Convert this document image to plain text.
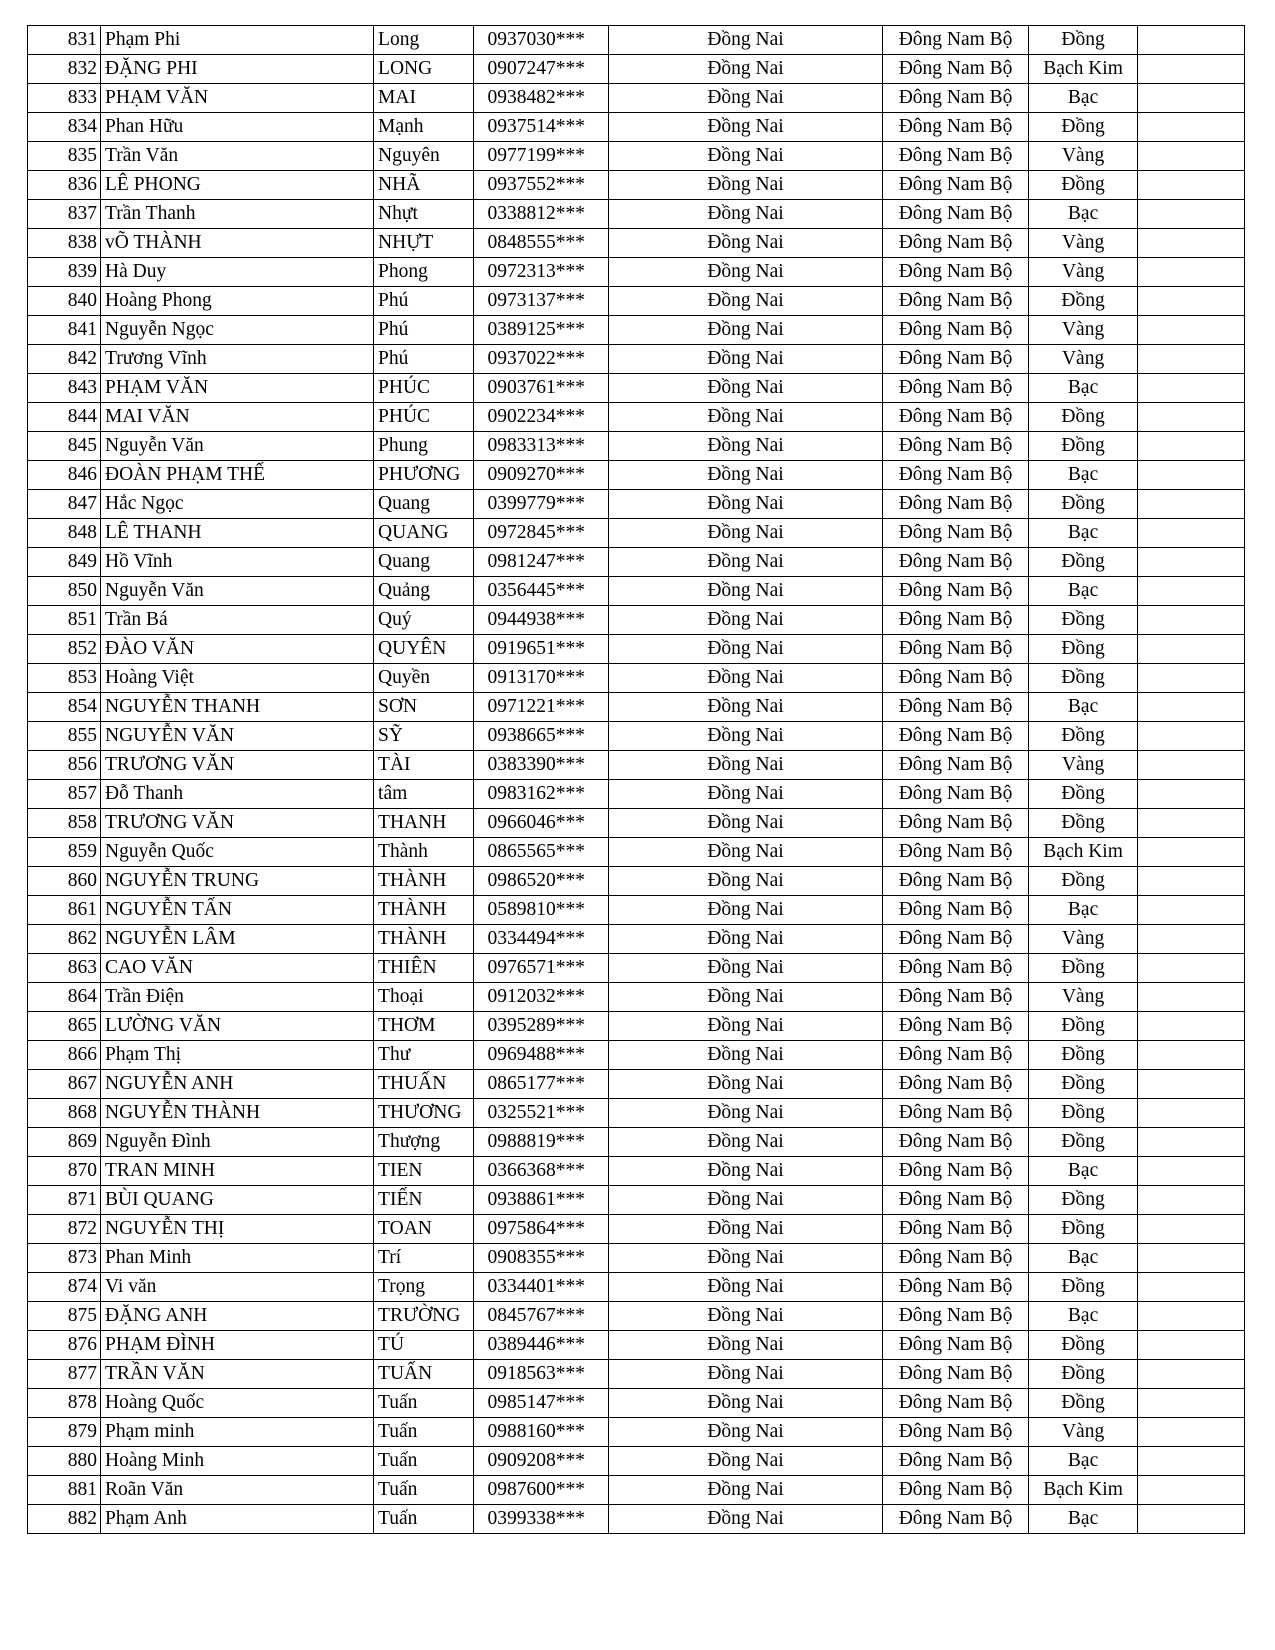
831	Phạm Phi	Long	0937030***	Đồng Nai	Đông Nam Bộ	Đồng	
832	ĐẶNG PHI	LONG	0907247***	Đồng Nai	Đông Nam Bộ	Bạch Kim	
833	PHẠM VĂN	MAI	0938482***	Đồng Nai	Đông Nam Bộ	Bạc	
834	Phan Hữu	Mạnh	0937514***	Đồng Nai	Đông Nam Bộ	Đồng	
835	Trần Văn	Nguyên	0977199***	Đồng Nai	Đông Nam Bộ	Vàng	
836	LÊ PHONG	NHÃ	0937552***	Đồng Nai	Đông Nam Bộ	Đồng	
837	Trần Thanh	Nhựt	0338812***	Đồng Nai	Đông Nam Bộ	Bạc	
838	vÕ THÀNH	NHỰT	0848555***	Đồng Nai	Đông Nam Bộ	Vàng	
839	Hà Duy	Phong	0972313***	Đồng Nai	Đông Nam Bộ	Vàng	
840	Hoàng Phong	Phú	0973137***	Đồng Nai	Đông Nam Bộ	Đồng	
841	Nguyễn Ngọc	Phú	0389125***	Đồng Nai	Đông Nam Bộ	Vàng	
842	Trương Vĩnh	Phú	0937022***	Đồng Nai	Đông Nam Bộ	Vàng	
843	PHẠM VĂN	PHÚC	0903761***	Đồng Nai	Đông Nam Bộ	Bạc	
844	MAI VĂN	PHÚC	0902234***	Đồng Nai	Đông Nam Bộ	Đồng	
845	Nguyễn Văn	Phung	0983313***	Đồng Nai	Đông Nam Bộ	Đồng	
846	ĐOÀN PHẠM THẾ	PHƯƠNG	0909270***	Đồng Nai	Đông Nam Bộ	Bạc	
847	Hắc Ngọc	Quang	0399779***	Đồng Nai	Đông Nam Bộ	Đồng	
848	LÊ THANH	QUANG	0972845***	Đồng Nai	Đông Nam Bộ	Bạc	
849	Hồ Vĩnh	Quang	0981247***	Đồng Nai	Đông Nam Bộ	Đồng	
850	Nguyễn Văn	Quảng	0356445***	Đồng Nai	Đông Nam Bộ	Bạc	
851	Trần Bá	Quý	0944938***	Đồng Nai	Đông Nam Bộ	Đồng	
852	ĐÀO VĂN	QUYÊN	0919651***	Đồng Nai	Đông Nam Bộ	Đồng	
853	Hoàng Việt	Quyền	0913170***	Đồng Nai	Đông Nam Bộ	Đồng	
854	NGUYỄN THANH	SƠN	0971221***	Đồng Nai	Đông Nam Bộ	Bạc	
855	NGUYỄN VĂN	SỸ	0938665***	Đồng Nai	Đông Nam Bộ	Đồng	
856	TRƯƠNG VĂN	TÀI	0383390***	Đồng Nai	Đông Nam Bộ	Vàng	
857	Đỗ Thanh	tâm	0983162***	Đồng Nai	Đông Nam Bộ	Đồng	
858	TRƯƠNG VĂN	THANH	0966046***	Đồng Nai	Đông Nam Bộ	Đồng	
859	Nguyễn Quốc	Thành	0865565***	Đồng Nai	Đông Nam Bộ	Bạch Kim	
860	NGUYỄN TRUNG	THÀNH	0986520***	Đồng Nai	Đông Nam Bộ	Đồng	
861	NGUYỄN TẤN	THÀNH	0589810***	Đồng Nai	Đông Nam Bộ	Bạc	
862	NGUYỄN LÂM	THÀNH	0334494***	Đồng Nai	Đông Nam Bộ	Vàng	
863	CAO VĂN	THIÊN	0976571***	Đồng Nai	Đông Nam Bộ	Đồng	
864	Trần Điện	Thoại	0912032***	Đồng Nai	Đông Nam Bộ	Vàng	
865	LƯỜNG VĂN	THƠM	0395289***	Đồng Nai	Đông Nam Bộ	Đồng	
866	Phạm Thị	Thư	0969488***	Đồng Nai	Đông Nam Bộ	Đồng	
867	NGUYỄN ANH	THUẤN	0865177***	Đồng Nai	Đông Nam Bộ	Đồng	
868	NGUYỄN THÀNH	THƯƠNG	0325521***	Đồng Nai	Đông Nam Bộ	Đồng	
869	Nguyễn Đình	Thượng	0988819***	Đồng Nai	Đông Nam Bộ	Đồng	
870	TRAN MINH	TIEN	0366368***	Đồng Nai	Đông Nam Bộ	Bạc	
871	BÙI QUANG	TIẾN	0938861***	Đồng Nai	Đông Nam Bộ	Đồng	
872	NGUYỄN THỊ	TOAN	0975864***	Đồng Nai	Đông Nam Bộ	Đồng	
873	Phan Minh	Trí	0908355***	Đồng Nai	Đông Nam Bộ	Bạc	
874	Vi văn	Trọng	0334401***	Đồng Nai	Đông Nam Bộ	Đồng	
875	ĐẶNG ANH	TRƯỜNG	0845767***	Đồng Nai	Đông Nam Bộ	Bạc	
876	PHẠM ĐÌNH	TÚ	0389446***	Đồng Nai	Đông Nam Bộ	Đồng	
877	TRẦN VĂN	TUẤN	0918563***	Đồng Nai	Đông Nam Bộ	Đồng	
878	Hoàng Quốc	Tuấn	0985147***	Đồng Nai	Đông Nam Bộ	Đồng	
879	Phạm minh	Tuấn	0988160***	Đồng Nai	Đông Nam Bộ	Vàng	
880	Hoàng Minh	Tuấn	0909208***	Đồng Nai	Đông Nam Bộ	Bạc	
881	Roãn Văn	Tuấn	0987600***	Đồng Nai	Đông Nam Bộ	Bạch Kim	
882	Phạm Anh	Tuấn	0399338***	Đồng Nai	Đông Nam Bộ	Bạc	
